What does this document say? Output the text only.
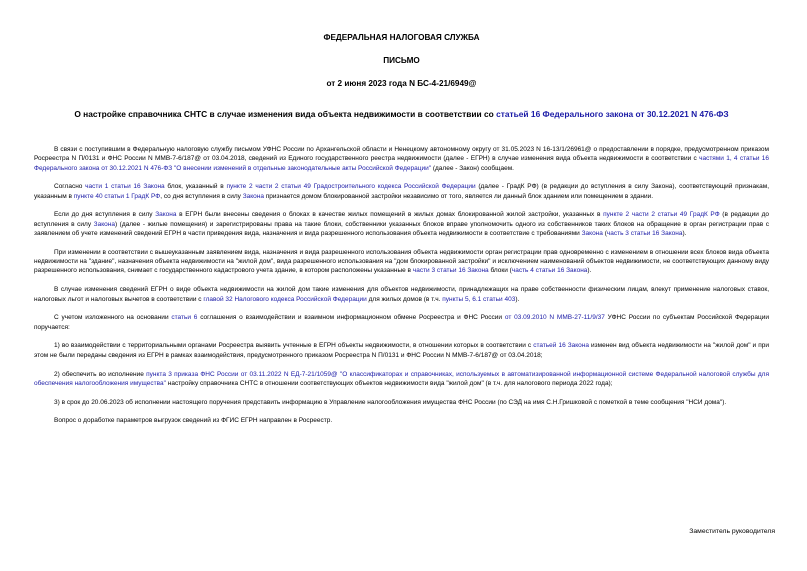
ФЕДЕРАЛЬНАЯ НАЛОГОВАЯ СЛУЖБА
ПИСЬМО
от 2 июня 2023 года N БС-4-21/6949@
О настройке справочника СНТС в случае изменения вида объекта недвижимости в соответствии со статьей 16 Федерального закона от 30.12.2021 N 476-ФЗ

В связи с поступившим в Федеральную налоговую службу письмом УФНС России по Архангельской области и Ненецкому автономному округу от 31.05.2023 N 16-13/1/26961@ о предоставлении в порядке, предусмотренном приказом Росреестра N П/0131 и ФНС России N ММВ-7-6/187@ от 03.04.2018, сведений из Единого государственного реестра недвижимости (далее - ЕГРН) в случае изменения вида объекта недвижимости в соответствии с частями 1, 4 статьи 16 Федерального закона от 30.12.2021 N 476-ФЗ "О внесении изменений в отдельные законодательные акты Российской Федерации" (далее - Закон) сообщаем.

Согласно части 1 статьи 16 Закона блок, указанный в пункте 2 части 2 статьи 49 Градостроительного кодекса Российской Федерации (далее - ГрадК РФ) (в редакции до вступления в силу Закона), соответствующий признакам, указанным в пункте 40 статьи 1 ГрадК РФ, со дня вступления в силу Закона признается домом блокированной застройки независимо от того, является ли данный блок зданием или помещением в здании.

Если до дня вступления в силу Закона в ЕГРН были внесены сведения о блоках в качестве жилых помещений в жилых домах блокированной жилой застройки, указанных в пункте 2 части 2 статьи 49 ГрадК РФ (в редакции до вступления в силу Закона) (далее - жилые помещения) и зарегистрированы права на такие блоки, собственники указанных блоков вправе уполномочить одного из собственников таких блоков на обращение в орган регистрации прав с заявлением об учете изменений сведений ЕГРН в части приведения вида, назначения и вида разрешенного использования объекта недвижимости в соответствие с требованиями Закона (часть 3 статьи 16 Закона).

При изменении в соответствии с вышеуказанным заявлением вида, назначения и вида разрешенного использования объекта недвижимости орган регистрации прав одновременно с изменением в отношении всех блоков вида объекта недвижимости на "здание", назначения объекта недвижимости на "жилой дом", вида разрешенного использования на "дом блокированной застройки" и исключением наименований объектов недвижимости, не соответствующих данному виду разрешенного использования, снимает с государственного кадастрового учета здание, в котором расположены указанные в части 3 статьи 16 Закона блоки (часть 4 статьи 16 Закона).

В случае изменения сведений ЕГРН о виде объекта недвижимости на жилой дом такие изменения для объектов недвижимости, принадлежащих на праве собственности физическим лицам, влекут применение налоговых ставок, налоговых льгот и налоговых вычетов в соответствии с главой 32 Налогового кодекса Российской Федерации для жилых домов (в т.ч. пункты 5, 6.1 статьи 403).

С учетом изложенного на основании статьи 6 соглашения о взаимодействии и взаимном информационном обмене Росреестра и ФНС России от 03.09.2010 N ММВ-27-11/9/37 УФНС России по субъектам Российской Федерации поручается:

1) во взаимодействии с территориальными органами Росреестра выявить учтенные в ЕГРН объекты недвижимости, в отношении которых в соответствии с статьей 16 Закона изменен вид объекта недвижимости на "жилой дом" и при этом не были переданы сведения из ЕГРН в рамках взаимодействия, предусмотренного приказом Росреестра N П/0131 и ФНС России N ММВ-7-6/187@ от 03.04.2018;

2) обеспечить во исполнение пункта 3 приказа ФНС России от 03.11.2022 N ЕД-7-21/1059@ "О классификаторах и справочниках, используемых в автоматизированной информационной системе Федеральной налоговой службы для обеспечения налогообложения имущества" настройку справочника СНТС в отношении соответствующих объектов недвижимости вида "жилой дом" (в т.ч. для налогового периода 2022 года);

3) в срок до 20.06.2023 об исполнении настоящего поручения представить информацию в Управление налогообложения имущества ФНС России (по СЭД на имя С.Н.Гришковой с пометкой в теме сообщения "НСИ дома").

Вопрос о доработке параметров выгрузок сведений из ФГИС ЕГРН направлен в Росреестр.

Заместитель руководителя
